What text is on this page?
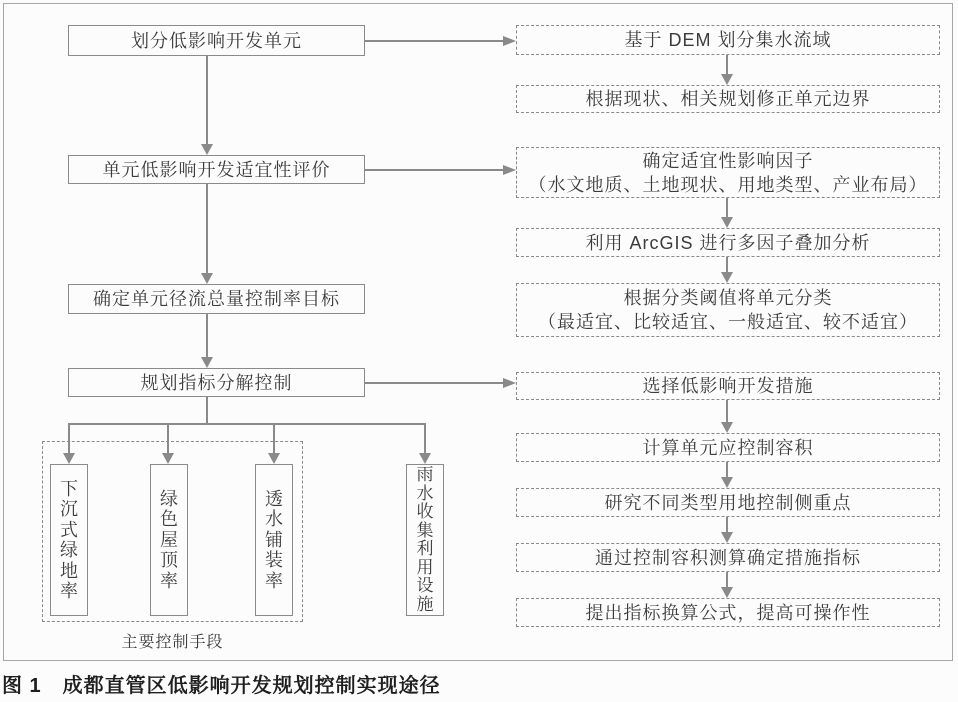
划分低影响开发单元
单元低影响开发适宜性评价
确定单元径流总量控制率目标
规划指标分解控制
基于 DEM 划分集水流域
根据现状、相关规划修正单元边界
确定适宜性影响因子
（水文地质、土地现状、用地类型、产业布局）
利用 ArcGIS 进行多因子叠加分析
根据分类阈值将单元分类
（最适宜、比较适宜、一般适宜、较不适宜）
选择低影响开发措施
计算单元应控制容积
研究不同类型用地控制侧重点
通过控制容积测算确定措施指标
提出指标换算公式，提高可操作性
下沉式绿地率
绿色屋顶率
透水铺装率
雨水收集利用设施
主要控制手段
图 1　成都直管区低影响开发规划控制实现途径
